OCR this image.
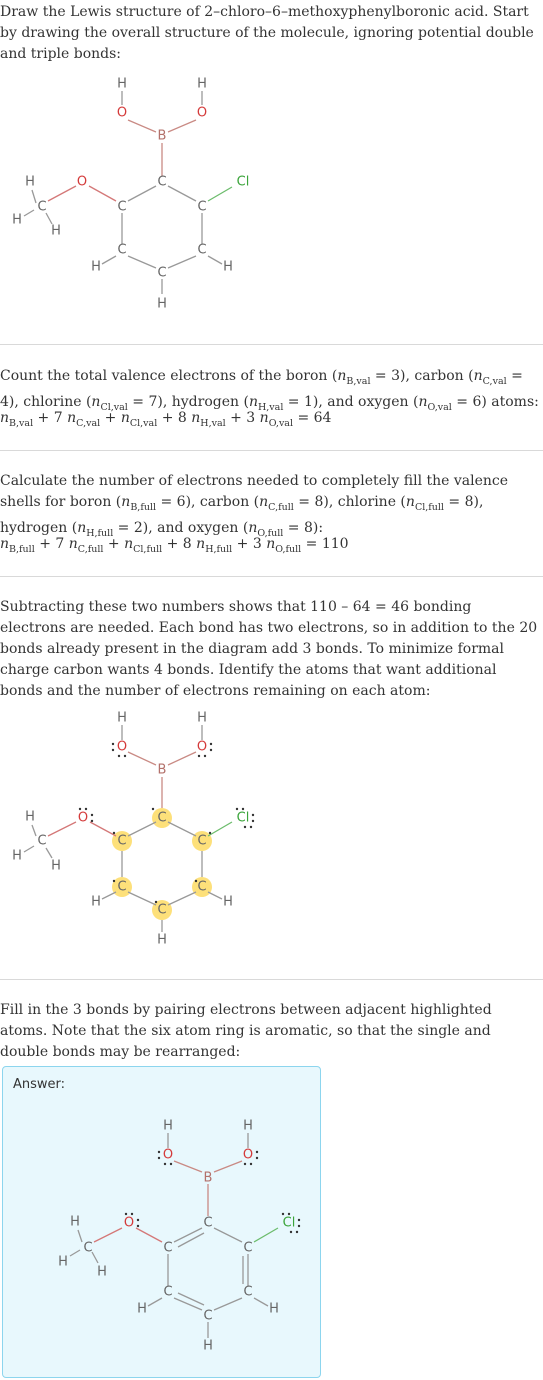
Draw the Lewis structure of 2–chloro–6–methoxyphenylboronic acid. Start by drawing the overall structure of the molecule, ignoring potential double and triple bonds:

H	H
O	O
B
C
O
C	C
Cl
C
H
H
H
C	C
H	H
C
H

Count the total valence electrons of the boron $(n_{B,val} = 3)$, carbon $(n_{C,val} = 4)$, chlorine $(n_{Cl,val} = 7)$, hydrogen $(n_{H,val} = 1)$, and oxygen $(n_{O,val} = 6)$ atoms:

$n_{B,val} + 7$ $n_{C,val} + n_{Cl,val} + 8$ $n_{H,val} + 3$ $n_{O,val} = 64$

Calculate the number of electrons needed to completely fill the valence shells for boron $(n_{B,full} = 6)$, carbon $(n_{C,full} = 8)$, chlorine $(n_{Cl,full} = 8)$, hydrogen $(n_{H,full} = 2)$, and oxygen $(n_{O,full} = 8)$:

$n_{B,full} + 7$ $n_{C,full} + n_{Cl,full} + 8$ $n_{H,full} + 3$ $n_{O,full} = 110$

Subtracting these two numbers shows that 110 – 64 = 46 bonding electrons are needed. Each bond has two electrons, so in addition to the 20 bonds already present in the diagram add 3 bonds. To minimize formal charge carbon wants 4 bonds. Identify the atoms that want additional bonds and the number of electrons remaining on each atom:

H	H
O	O
B
C
O
C	C
Cl
C
H
H
H
C	C
H	H
C
H

Fill in the 3 bonds by pairing electrons between adjacent highlighted atoms. Note that the six atom ring is aromatic, so that the single and double bonds may be rearranged:

Answer:
H	H
O	O
B
C
O
C	C
Cl
C
H
H
H
C	C
H	H
C
H
